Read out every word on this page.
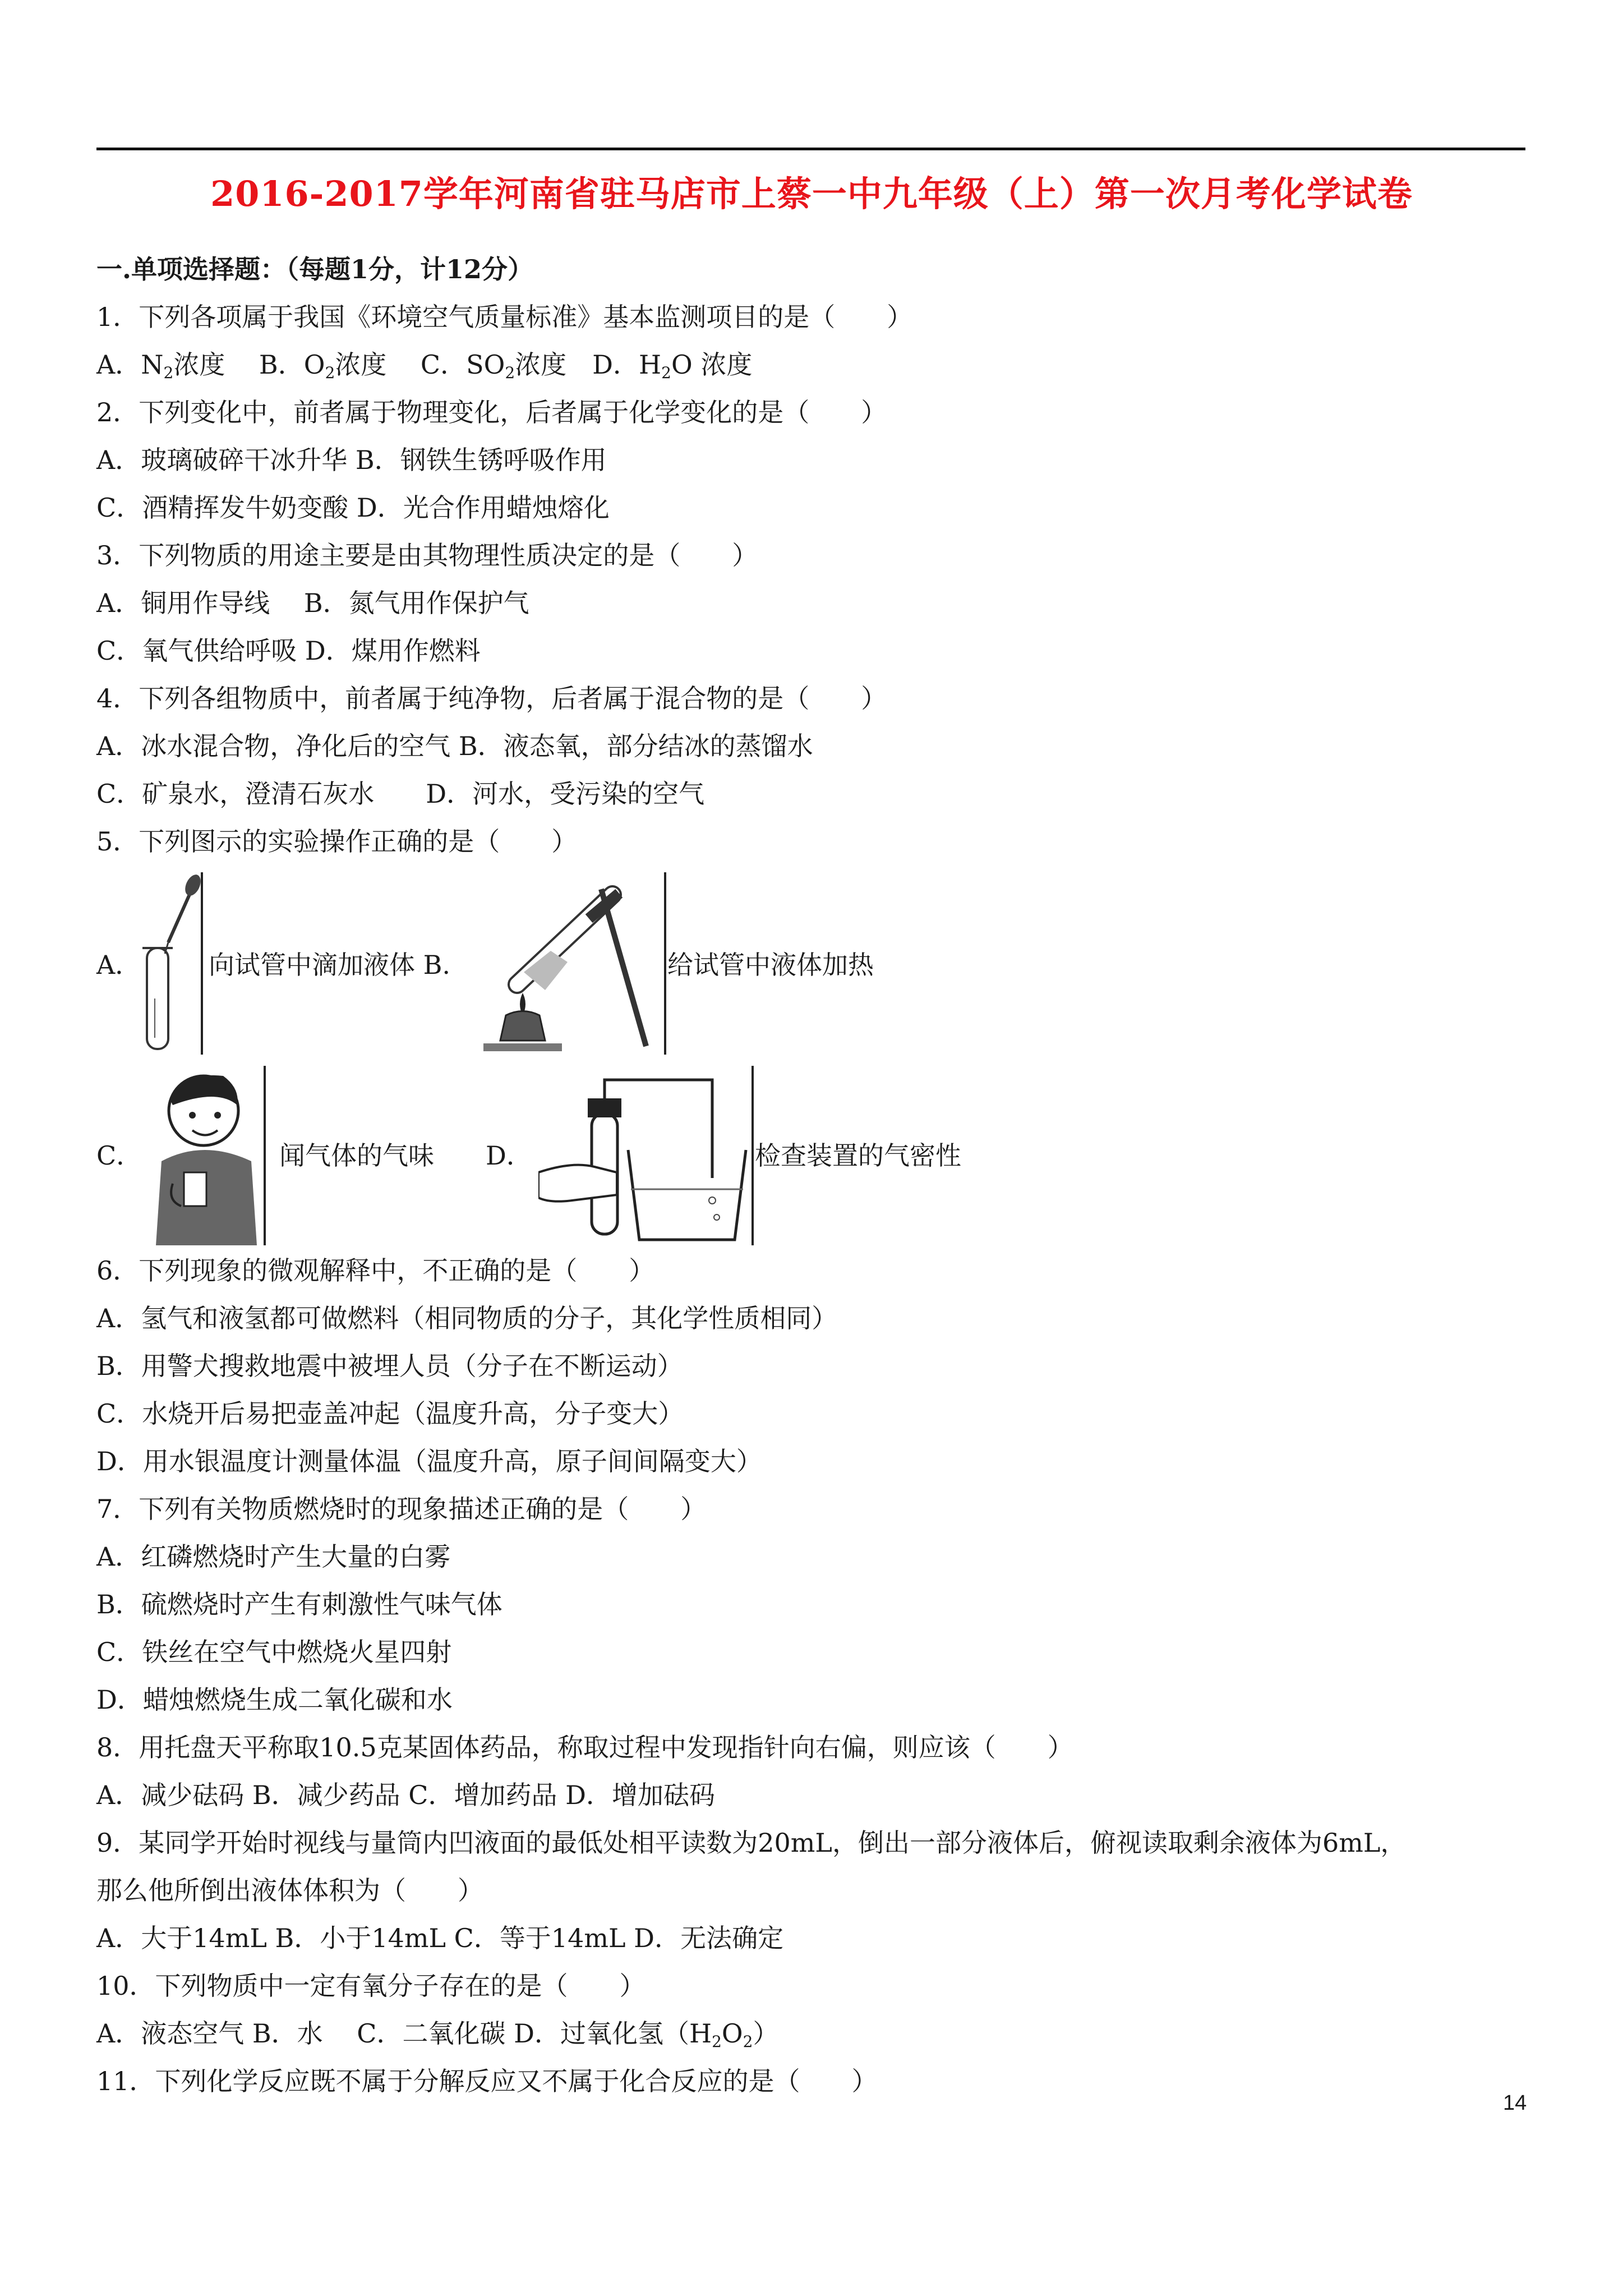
2016-2017学年河南省驻马店市上蔡一中九年级（上）第一次月考化学试卷
一.单项选择题：（每题1分，计12分）
1．下列各项属于我国《环境空气质量标准》基本监测项目的是（　　）
A．$N_2$浓度　 B．$O_2$浓度　 C．$SO_2$浓度　D．$H_2O$ 浓度
2．下列变化中，前者属于物理变化，后者属于化学变化的是（　　）
A．玻璃破碎干冰升华 B．钢铁生锈呼吸作用
C．酒精挥发牛奶变酸 D．光合作用蜡烛熔化
3．下列物质的用途主要是由其物理性质决定的是（　　）
A．铜用作导线　 B．氮气用作保护气
C．氧气供给呼吸 D．煤用作燃料
4．下列各组物质中，前者属于纯净物，后者属于混合物的是（　　）
A．冰水混合物，净化后的空气 B．液态氧，部分结冰的蒸馏水
C．矿泉水，澄清石灰水　　D．河水，受污染的空气
5．下列图示的实验操作正确的是（　　）
A．	向试管中滴加液体 B.	给试管中液体加热
C．	闻气体的气味　　D．	检查装置的气密性
6．下列现象的微观解释中，不正确的是（　　）
A．氢气和液氢都可做燃料（相同物质的分子，其化学性质相同）
B．用警犬搜救地震中被埋人员（分子在不断运动）
C．水烧开后易把壶盖冲起（温度升高，分子变大）
D．用水银温度计测量体温（温度升高，原子间间隔变大）
7．下列有关物质燃烧时的现象描述正确的是（　　）
A．红磷燃烧时产生大量的白雾
B．硫燃烧时产生有刺激性气味气体
C．铁丝在空气中燃烧火星四射
D．蜡烛燃烧生成二氧化碳和水
8．用托盘天平称取10.5克某固体药品，称取过程中发现指针向右偏，则应该（　　）
A．减少砝码 B．减少药品 C．增加药品 D．增加砝码
9．某同学开始时视线与量筒内凹液面的最低处相平读数为20mL，倒出一部分液体后，俯视读取剩余液体为6mL，
那么他所倒出液体体积为（　　）
A．大于14mL B．小于14mL C．等于14mL D．无法确定
10．下列物质中一定有氧分子存在的是（　　）
A．液态空气 B．水　 C．二氧化碳 D．过氧化氢$(H_2O_2)$
11．下列化学反应既不属于分解反应又不属于化合反应的是（　　）
14
